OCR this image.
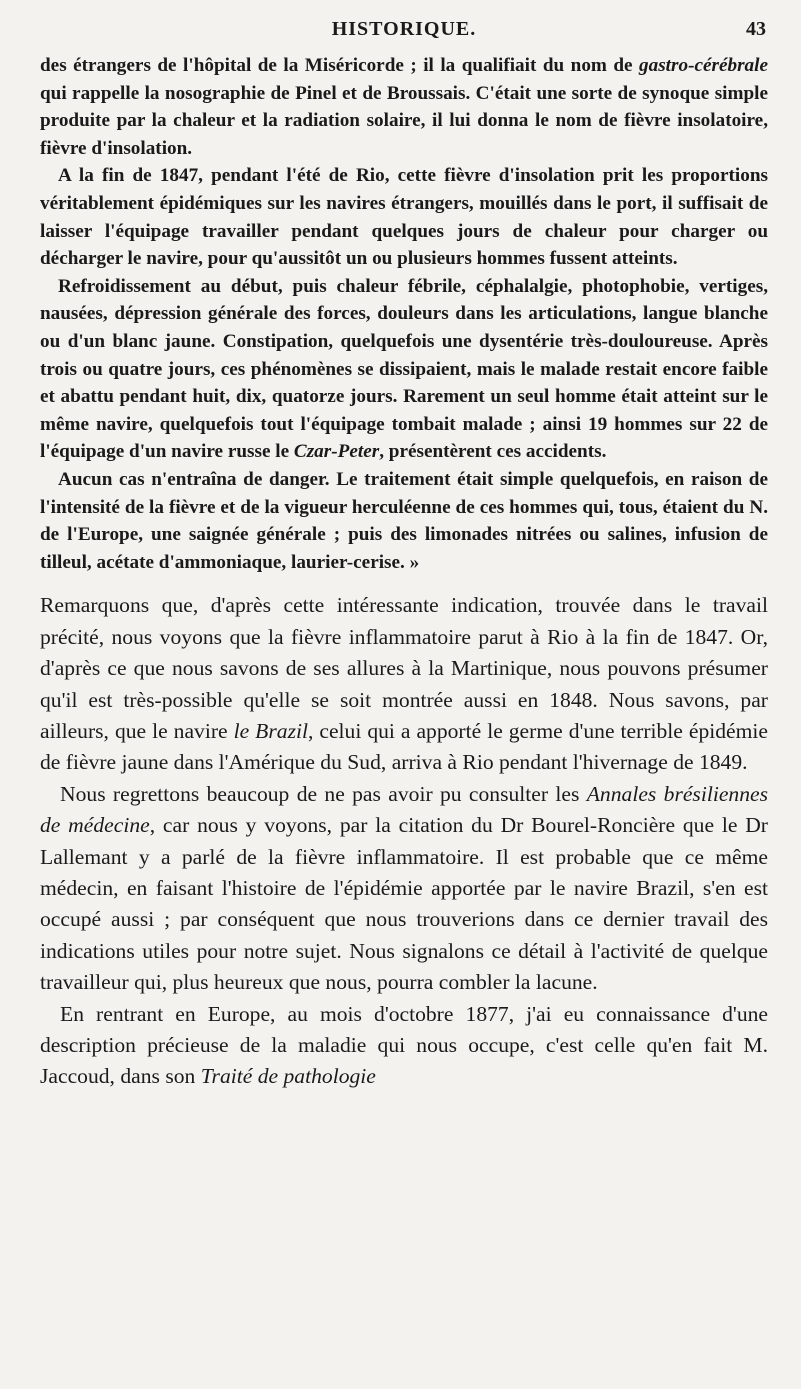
HISTORIQUE.	43

des étrangers de l'hôpital de la Miséricorde ; il la qualifiait du nom de gastro-cérébrale qui rappelle la nosographie de Pinel et de Broussais. C'était une sorte de synoque simple produite par la chaleur et la radiation solaire, il lui donna le nom de fièvre insolatoire, fièvre d'insolation.

A la fin de 1847, pendant l'été de Rio, cette fièvre d'insolation prit les proportions véritablement épidémiques sur les navires étrangers, mouillés dans le port, il suffisait de laisser l'équipage travailler pendant quelques jours de chaleur pour charger ou décharger le navire, pour qu'aussitôt un ou plusieurs hommes fussent atteints.

Refroidissement au début, puis chaleur fébrile, céphalalgie, photophobie, vertiges, nausées, dépression générale des forces, douleurs dans les articulations, langue blanche ou d'un blanc jaune. Constipation, quelquefois une dysentérie très-douloureuse. Après trois ou quatre jours, ces phénomènes se dissipaient, mais le malade restait encore faible et abattu pendant huit, dix, quatorze jours. Rarement un seul homme était atteint sur le même navire, quelquefois tout l'équipage tombait malade ; ainsi 19 hommes sur 22 de l'équipage d'un navire russe le Czar-Peter, présentèrent ces accidents.

Aucun cas n'entraîna de danger. Le traitement était simple quelquefois, en raison de l'intensité de la fièvre et de la vigueur herculéenne de ces hommes qui, tous, étaient du N. de l'Europe, une saignée générale ; puis des limonades nitrées ou salines, infusion de tilleul, acétate d'ammoniaque, laurier-cerise. »

Remarquons que, d'après cette intéressante indication, trouvée dans le travail précité, nous voyons que la fièvre inflammatoire parut à Rio à la fin de 1847. Or, d'après ce que nous savons de ses allures à la Martinique, nous pouvons présumer qu'il est très-possible qu'elle se soit montrée aussi en 1848. Nous savons, par ailleurs, que le navire le Brazil, celui qui a apporté le germe d'une terrible épidémie de fièvre jaune dans l'Amérique du Sud, arriva à Rio pendant l'hivernage de 1849.

Nous regrettons beaucoup de ne pas avoir pu consulter les Annales brésiliennes de médecine, car nous y voyons, par la citation du Dr Bourel-Roncière que le Dr Lallemant y a parlé de la fièvre inflammatoire. Il est probable que ce même médecin, en faisant l'histoire de l'épidémie apportée par le navire Brazil, s'en est occupé aussi ; par conséquent que nous trouverions dans ce dernier travail des indications utiles pour notre sujet. Nous signalons ce détail à l'activité de quelque travailleur qui, plus heureux que nous, pourra combler la lacune.

En rentrant en Europe, au mois d'octobre 1877, j'ai eu connaissance d'une description précieuse de la maladie qui nous occupe, c'est celle qu'en fait M. Jaccoud, dans son Traité de pathologie
